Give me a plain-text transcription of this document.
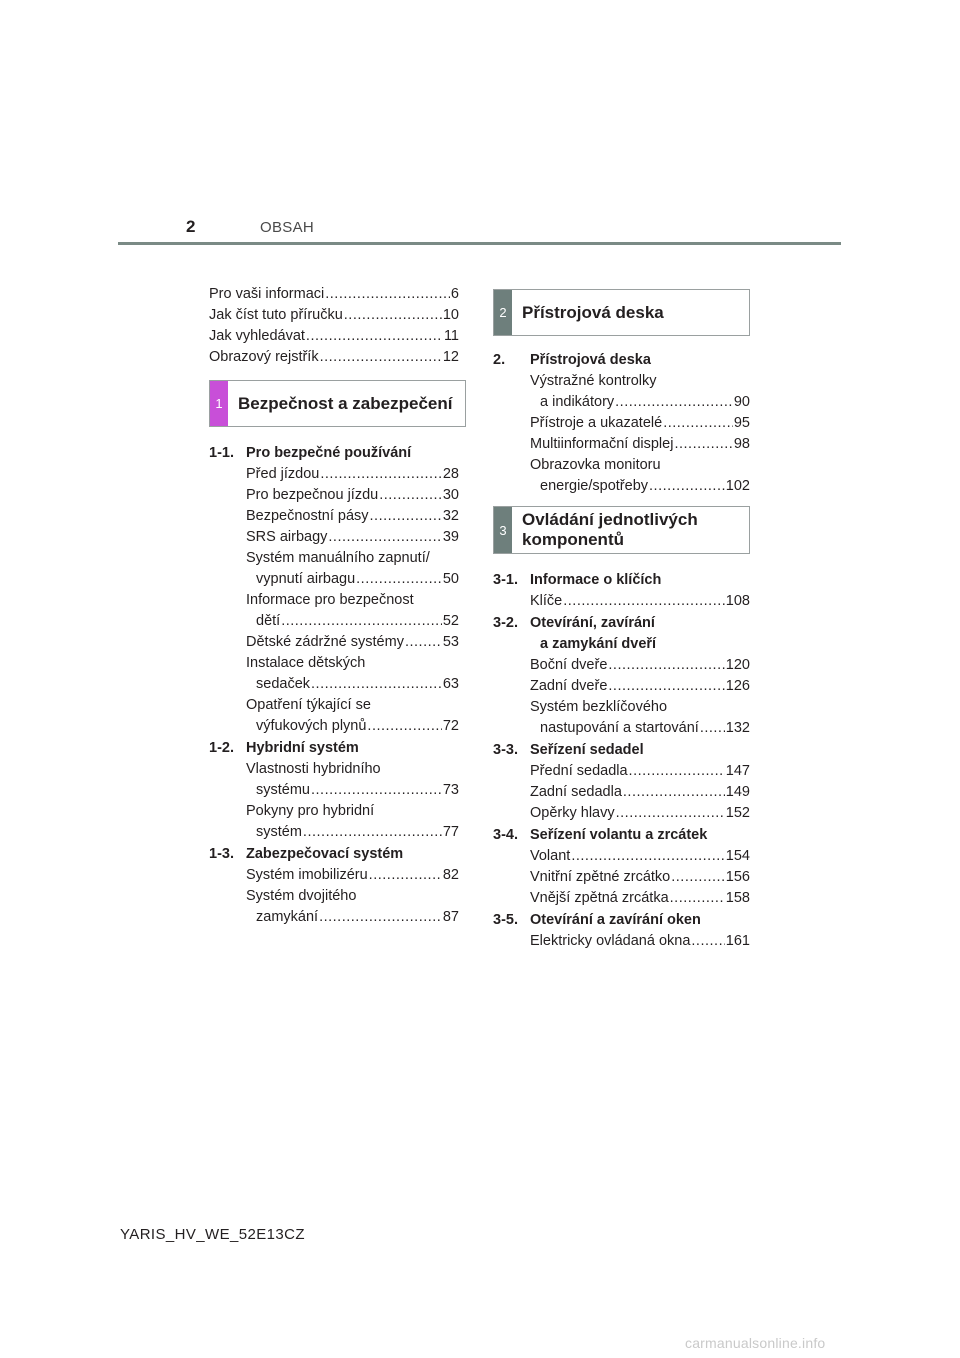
2	OBSAH
Pro vaši informaci .....	6
Jak číst tuto příručku .....	10
Jak vyhledávat .....	11
Obrazový rejstřík .....	12
1 Bezpečnost a zabezpečení
1-1. Pro bezpečné používání
Před jízdou .....	28
Pro bezpečnou jízdu .....	30
Bezpečnostní pásy .....	32
SRS airbagy .....	39
Systém manuálního zapnutí/
vypnutí airbagu .....	50
Informace pro bezpečnost
dětí .....	52
Dětské zádržné systémy .....	53
Instalace dětských
sedaček .....	63
Opatření týkající se
výfukových plynů .....	72
1-2. Hybridní systém
Vlastnosti hybridního
systému .....	73
Pokyny pro hybridní
systém .....	77
1-3. Zabezpečovací systém
Systém imobilizéru .....	82
Systém dvojitého
zamykání .....	87
2 Přístrojová deska
2.	Přístrojová deska
Výstražné kontrolky
a indikátory .....	90
Přístroje a ukazatelé .....	95
Multiinformační displej .....	98
Obrazovka monitoru
energie/spotřeby .....	102
3
Ovládání jednotlivých
komponentů
3-1. Informace o klíčích
Klíče .....	108
3-2. Otevírání, zavírání
a zamykání dveří
Boční dveře .....	120
Zadní dveře .....	126
Systém bezklíčového
nastupování a startování ..... 132
3-3. Seřízení sedadel
Přední sedadla .....	147
Zadní sedadla .....	149
Opěrky hlavy .....	152
3-4. Seřízení volantu a zrcátek
Volant .....	154
Vnitřní zpětné zrcátko .....	156
Vnější zpětná zrcátka .....	158
3-5. Otevírání a zavírání oken
Elektricky ovládaná okna ..... 161
YARIS_HV_WE_52E13CZ
carmanualsonline.info
